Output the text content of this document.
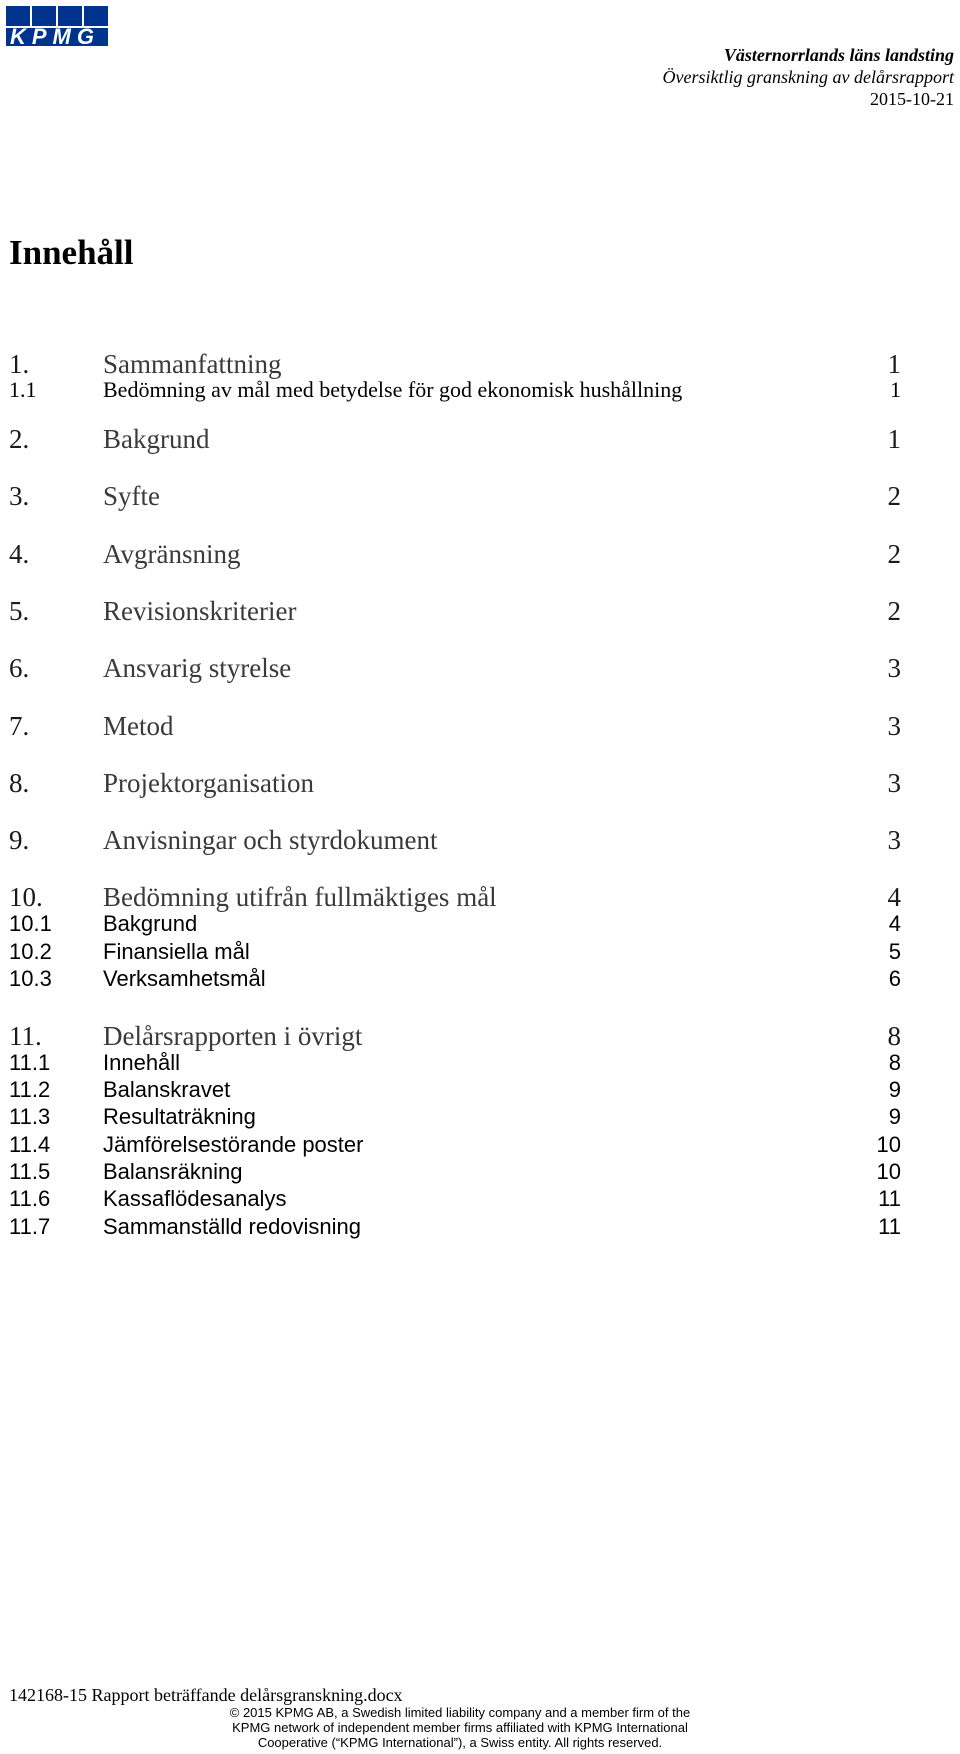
KPMG
Västernorrlands läns landsting
Översiktlig granskning av delårsrapport
2015-10-21
Innehåll
1.	Sammanfattning	1
1.1	Bedömning av mål med betydelse för god ekonomisk hushållning	1
2.	Bakgrund	1
3.	Syfte	2
4.	Avgränsning	2
5.	Revisionskriterier	2
6.	Ansvarig styrelse	3
7.	Metod	3
8.	Projektorganisation	3
9.	Anvisningar och styrdokument	3
10. Bedömning utifrån fullmäktiges mål	4
10.1 Bakgrund	4
10.2 Finansiella mål	5
10.3 Verksamhetsmål	6
11. Delårsrapporten i övrigt	8
11.1 Innehåll	8
11.2 Balanskravet	9
11.3 Resultaträkning	9
11.4 Jämförelsestörande poster	10
11.5 Balansräkning	10
11.6 Kassaflödesanalys	11
11.7 Sammanställd redovisning	11
142168-15 Rapport beträffande delårsgranskning.docx
© 2015 KPMG AB, a Swedish limited liability company and a member firm of the
KPMG network of independent member firms affiliated with KPMG International
Cooperative (“KPMG International”), a Swiss entity. All rights reserved.
